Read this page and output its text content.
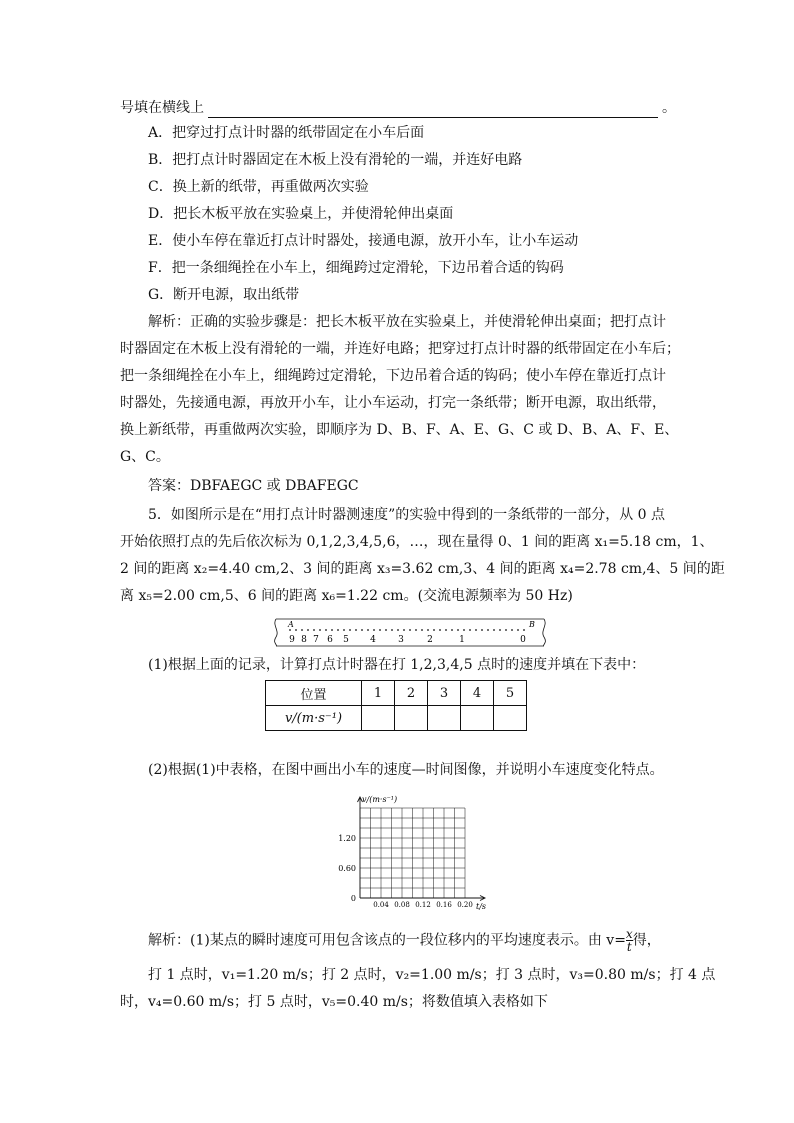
号填在横线上	。
A．把穿过打点计时器的纸带固定在小车后面
B．把打点计时器固定在木板上没有滑轮的一端，并连好电路
C．换上新的纸带，再重做两次实验
D．把长木板平放在实验桌上，并使滑轮伸出桌面
E．使小车停在靠近打点计时器处，接通电源，放开小车，让小车运动
F．把一条细绳拴在小车上，细绳跨过定滑轮，下边吊着合适的钩码
G．断开电源，取出纸带
解析：正确的实验步骤是：把长木板平放在实验桌上，并使滑轮伸出桌面；把打点计
时器固定在木板上没有滑轮的一端，并连好电路；把穿过打点计时器的纸带固定在小车后；
把一条细绳拴在小车上，细绳跨过定滑轮，下边吊着合适的钩码；使小车停在靠近打点计
时器处，先接通电源，再放开小车，让小车运动，打完一条纸带；断开电源，取出纸带，
换上新纸带，再重做两次实验，即顺序为 D、B、F、A、E、G、C 或 D、B、A、F、E、
G、C。
答案：DBFAEGC 或 DBAFEGC
5．如图所示是在“用打点计时器测速度”的实验中得到的一条纸带的一部分，从 0 点
开始依照打点的先后依次标为 0,1,2,3,4,5,6，…，现在量得 0、1 间的距离 x₁=5.18 cm，1、
2 间的距离 x₂=4.40 cm,2、3 间的距离 x₃=3.62 cm,3、4 间的距离 x₄=2.78 cm,4、5 间的距
离 x₅=2.00 cm,5、6 间的距离 x₆=1.22 cm。(交流电源频率为 50 Hz)
A	B
9 8 7 6 5 4 3	2	1	0
(1)根据上面的记录，计算打点计时器在打 1,2,3,4,5 点时的速度并填在下表中：
位置	1	2	3	4	5
v/(m·s⁻¹)					
(2)根据(1)中表格，在图中画出小车的速度—时间图像，并说明小车速度变化特点。
1.20
0.60
0
0.04 0.08 0.12 0.16 0.20
v/(m·s⁻¹)
t/s
解析：(1)某点的瞬时速度可用包含该点的一段位移内的平均速度表示。由 $v= \frac{x}{t}$ 得，
打 1 点时，v₁=1.20 m/s；打 2 点时，v₂=1.00 m/s；打 3 点时，v₃=0.80 m/s；打 4 点
时，v₄=0.60 m/s；打 5 点时，v₅=0.40 m/s；将数值填入表格如下
